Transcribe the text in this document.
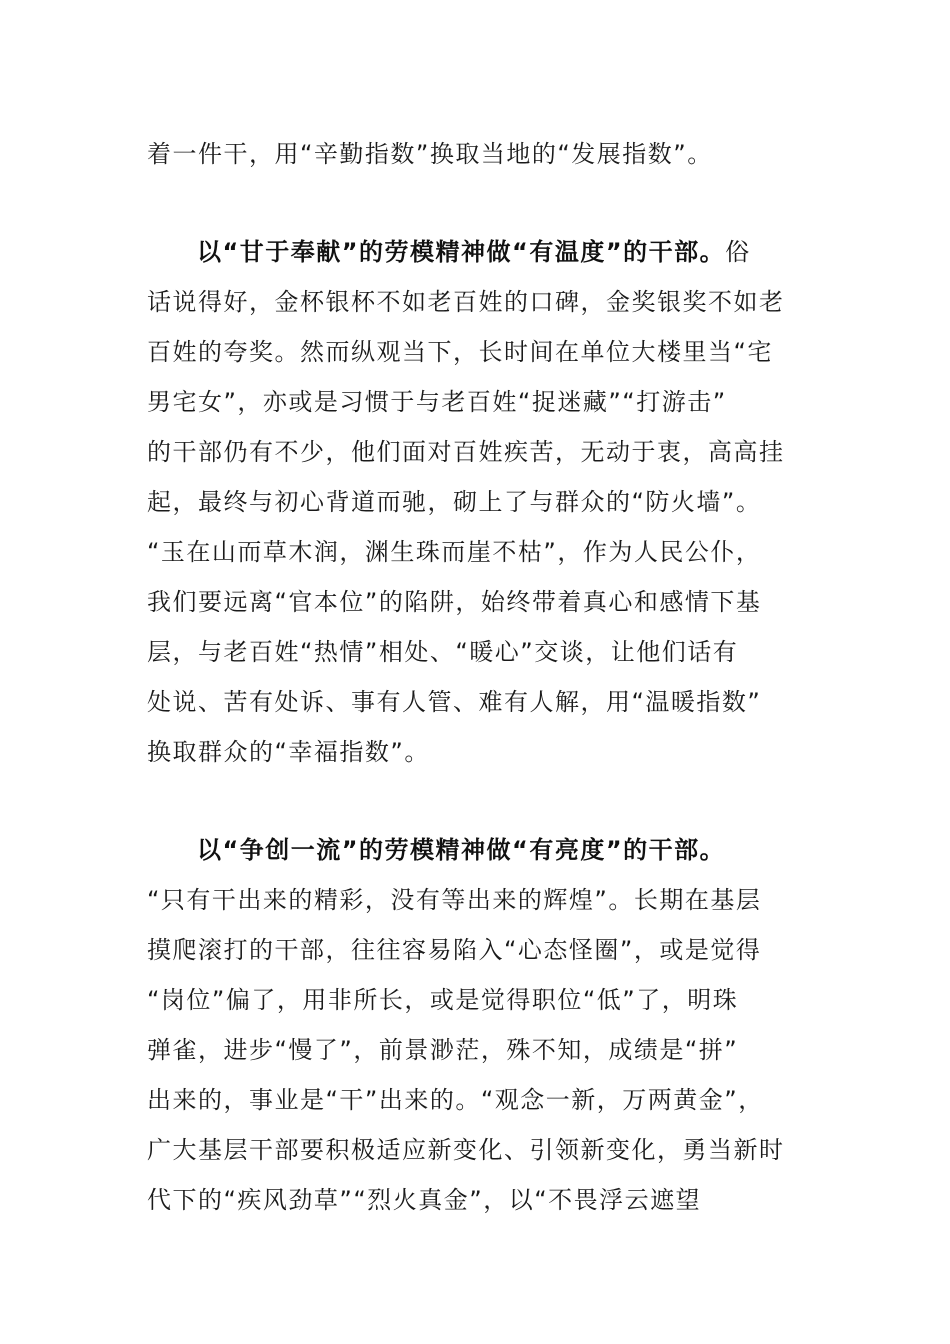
着一件干，用“辛勤指数”换取当地的“发展指数”。
以“甘于奉献”的劳模精神做“有温度”的干部。俗
话说得好，金杯银杯不如老百姓的口碑，金奖银奖不如老
百姓的夸奖。然而纵观当下，长时间在单位大楼里当“宅
男宅女”，亦或是习惯于与老百姓“捉迷藏”“打游击”
的干部仍有不少，他们面对百姓疾苦，无动于衷，高高挂
起，最终与初心背道而驰，砌上了与群众的“防火墙”。
“玉在山而草木润，渊生珠而崖不枯”，作为人民公仆，
我们要远离“官本位”的陷阱，始终带着真心和感情下基
层，与老百姓“热情”相处、“暖心”交谈，让他们话有
处说、苦有处诉、事有人管、难有人解，用“温暖指数”
换取群众的“幸福指数”。
以“争创一流”的劳模精神做“有亮度”的干部。
“只有干出来的精彩，没有等出来的辉煌”。长期在基层
摸爬滚打的干部，往往容易陷入“心态怪圈”，或是觉得
“岗位”偏了，用非所长，或是觉得职位“低”了，明珠
弹雀，进步“慢了”，前景渺茫，殊不知，成绩是“拼”
出来的，事业是“干”出来的。“观念一新，万两黄金”，
广大基层干部要积极适应新变化、引领新变化，勇当新时
代下的“疾风劲草”“烈火真金”，以“不畏浮云遮望
